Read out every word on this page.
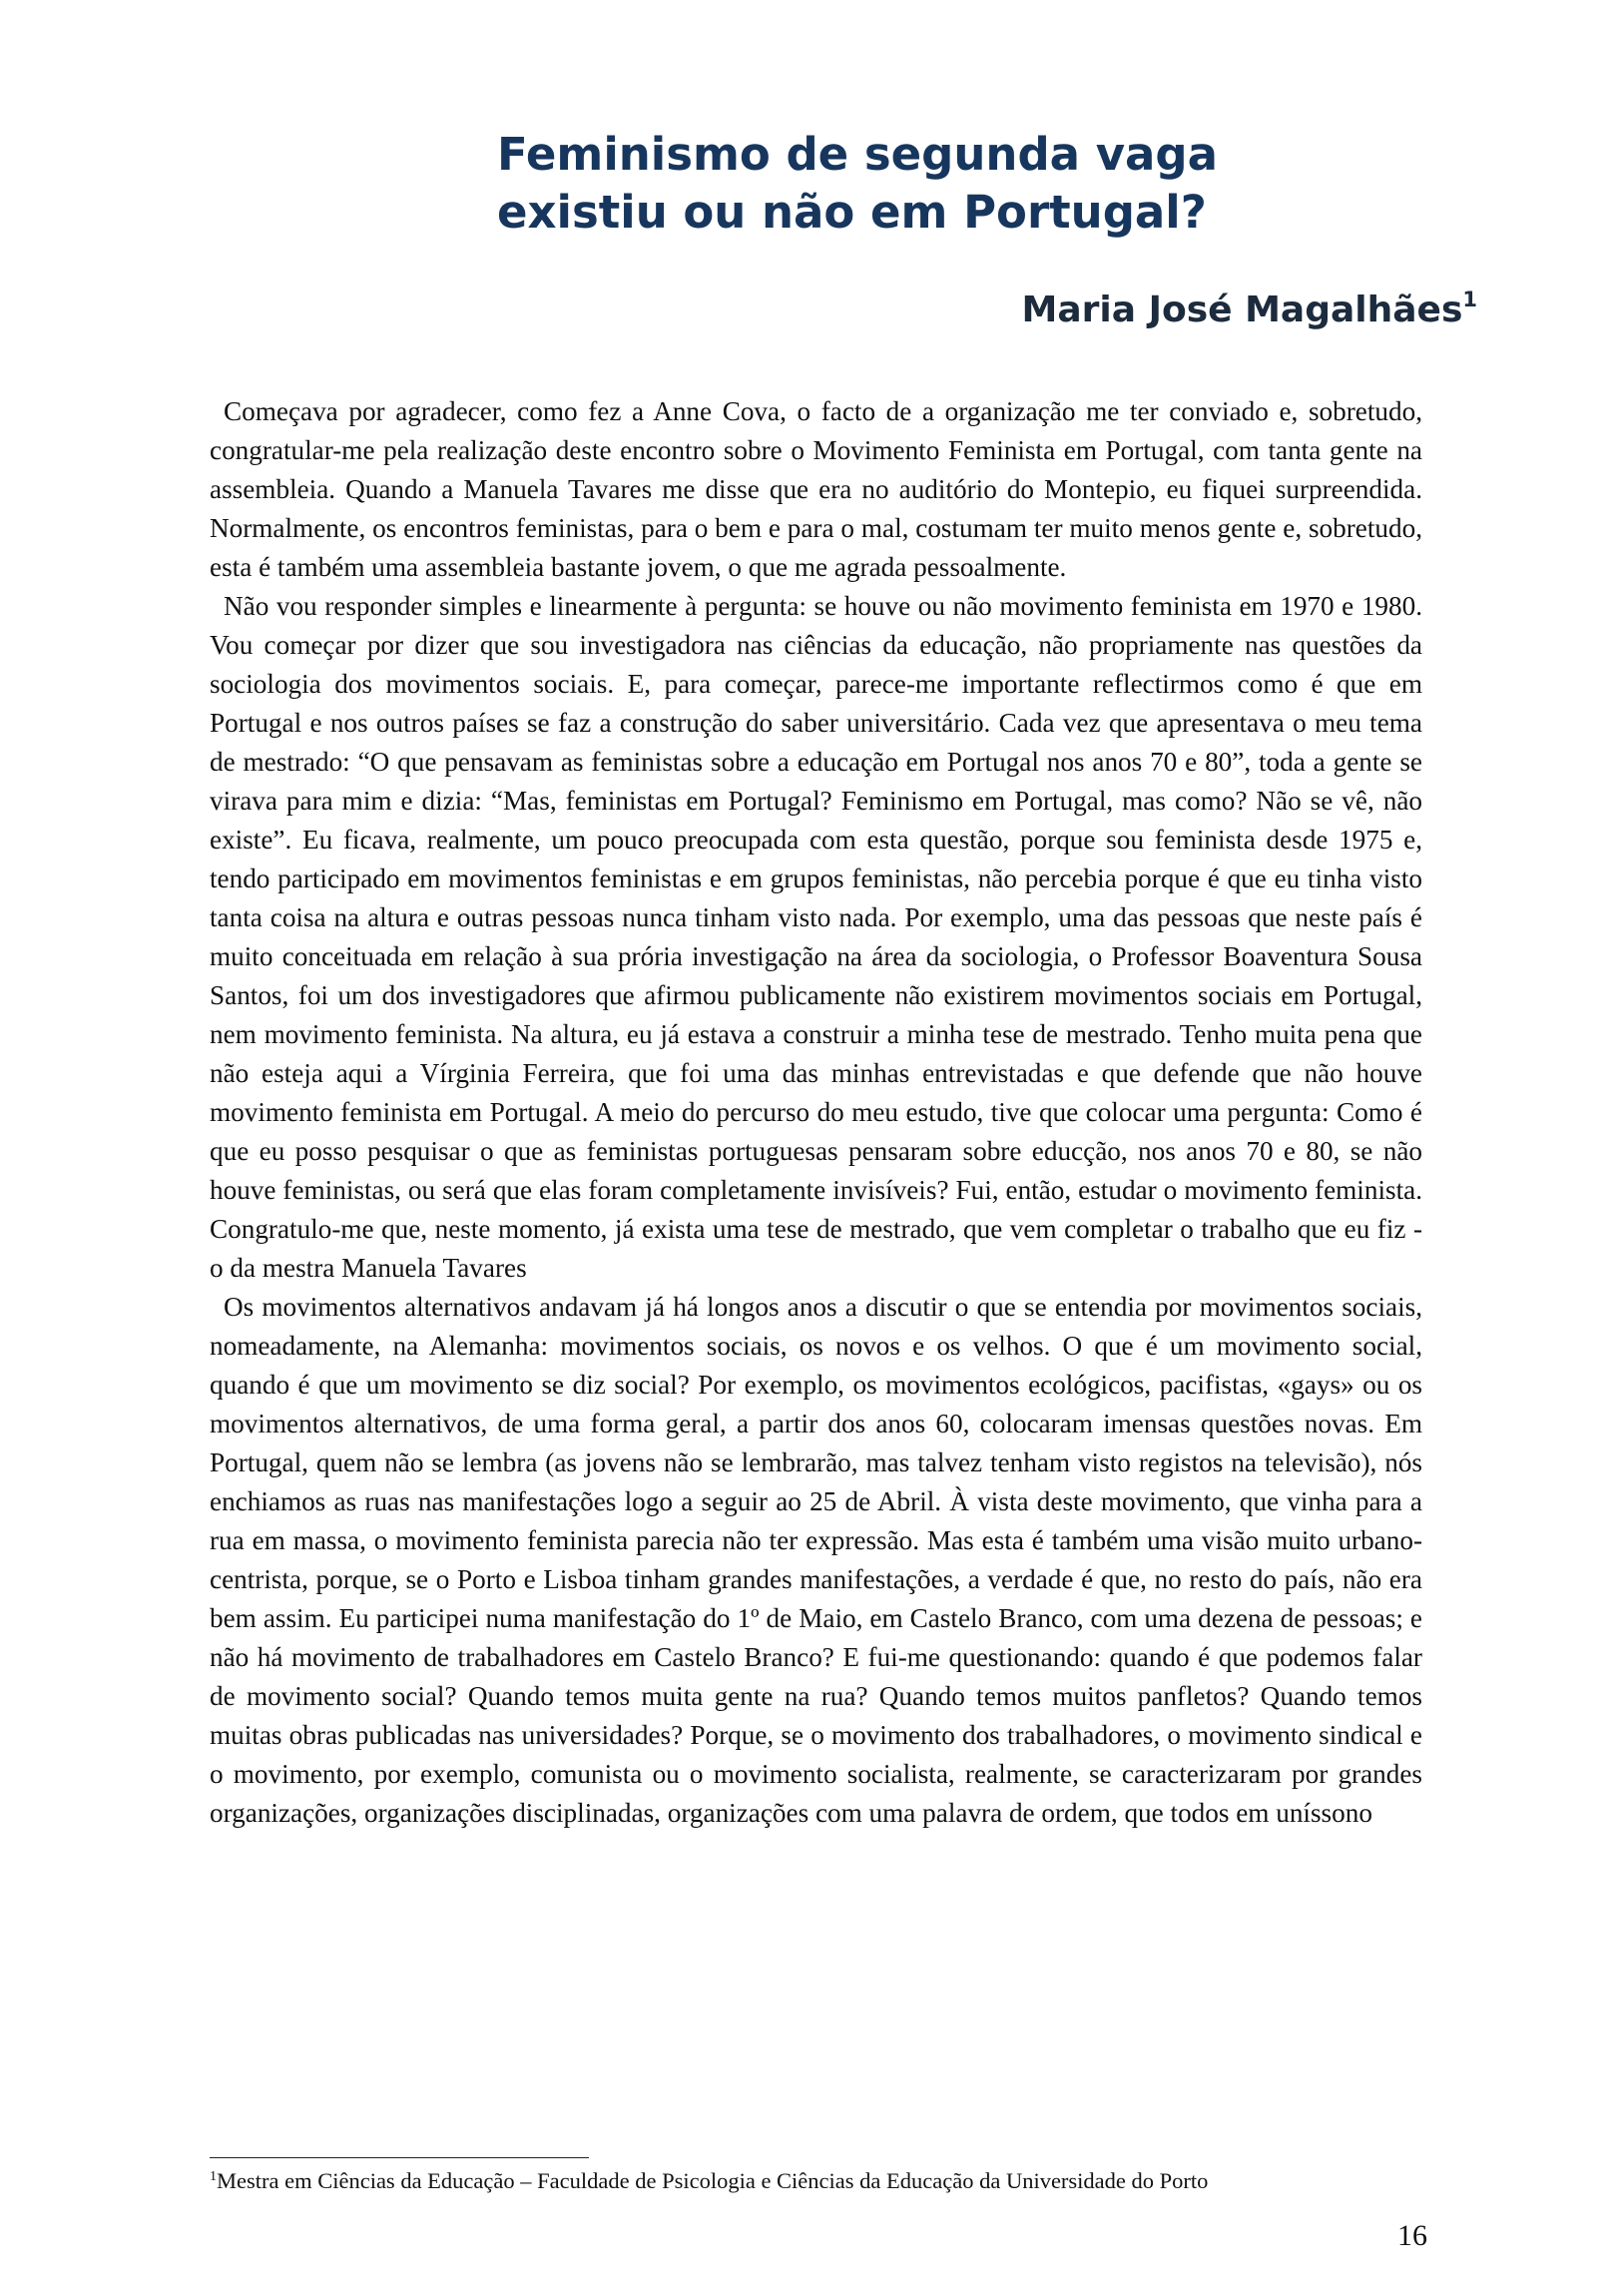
Feminismo de segunda vaga
existiu ou não em Portugal?
Maria José Magalhães$^1$

Começava por agradecer, como fez a Anne Cova, o facto de a organização me ter conviado e, sobretudo, congratular-me pela realização deste encontro sobre o Movimento Feminista em Portugal, com tanta gente na assembleia. Quando a Manuela Tavares me disse que era no auditório do Montepio, eu fiquei surpreendida. Normalmente, os encontros feministas, para o bem e para o mal, costumam ter muito menos gente e, sobretudo, esta é também uma assembleia bastante jovem, o que me agrada pessoalmente.

Não vou responder simples e linearmente à pergunta: se houve ou não movimento feminista em 1970 e 1980. Vou começar por dizer que sou investigadora nas ciências da educação, não propriamente nas questões da sociologia dos movimentos sociais. E, para começar, parece-me importante reflectirmos como é que em Portugal e nos outros países se faz a construção do saber universitário. Cada vez que apresentava o meu tema de mestrado: “O que pensavam as feministas sobre a educação em Portugal nos anos 70 e 80”, toda a gente se virava para mim e dizia: “Mas, feministas em Portugal? Feminismo em Portugal, mas como? Não se vê, não existe”. Eu ficava, realmente, um pouco preocupada com esta questão, porque sou feminista desde 1975 e, tendo participado em movimentos feministas e em grupos feministas, não percebia porque é que eu tinha visto tanta coisa na altura e outras pessoas nunca tinham visto nada. Por exemplo, uma das pessoas que neste país é muito conceituada em relação à sua prória investigação na área da sociologia, o Professor Boaventura Sousa Santos, foi um dos investigadores que afirmou publicamente não existirem movimentos sociais em Portugal, nem movimento feminista. Na altura, eu já estava a construir a minha tese de mestrado. Tenho muita pena que não esteja aqui a Vírginia Ferreira, que foi uma das minhas entrevistadas e que defende que não houve movimento feminista em Portugal. A meio do percurso do meu estudo, tive que colocar uma pergunta: Como é que eu posso pesquisar o que as feministas portuguesas pensaram sobre educção, nos anos 70 e 80, se não houve feministas, ou será que elas foram completamente invisíveis? Fui, então, estudar o movimento feminista. Congratulo-me que, neste momento, já exista uma tese de mestrado, que vem completar o trabalho que eu fiz - o da mestra Manuela Tavares

Os movimentos alternativos andavam já há longos anos a discutir o que se entendia por movimentos sociais, nomeadamente, na Alemanha: movimentos sociais, os novos e os velhos. O que é um movimento social, quando é que um movimento se diz social? Por exemplo, os movimentos ecológicos, pacifistas, «gays» ou os movimentos alternativos, de uma forma geral, a partir dos anos 60, colocaram imensas questões novas. Em Portugal, quem não se lembra (as jovens não se lembrarão, mas talvez tenham visto registos na televisão), nós enchiamos as ruas nas manifestações logo a seguir ao 25 de Abril. À vista deste movimento, que vinha para a rua em massa, o movimento feminista parecia não ter expressão. Mas esta é também uma visão muito urbano-centrista, porque, se o Porto e Lisboa tinham grandes manifestações, a verdade é que, no resto do país, não era bem assim. Eu participei numa manifestação do 1º de Maio, em Castelo Branco, com uma dezena de pessoas; e não há movimento de trabalhadores em Castelo Branco? E fui-me questionando: quando é que podemos falar de movimento social? Quando temos muita gente na rua? Quando temos muitos panfletos? Quando temos muitas obras publicadas nas universidades? Porque, se o movimento dos trabalhadores, o movimento sindical e o movimento, por exemplo, comunista ou o movimento socialista, realmente, se caracterizaram por grandes organizações, organizações disciplinadas, organizações com uma palavra de ordem, que todos em uníssono

$^1$Mestra em Ciências da Educação – Faculdade de Psicologia e Ciências da Educação da Universidade do Porto
16
